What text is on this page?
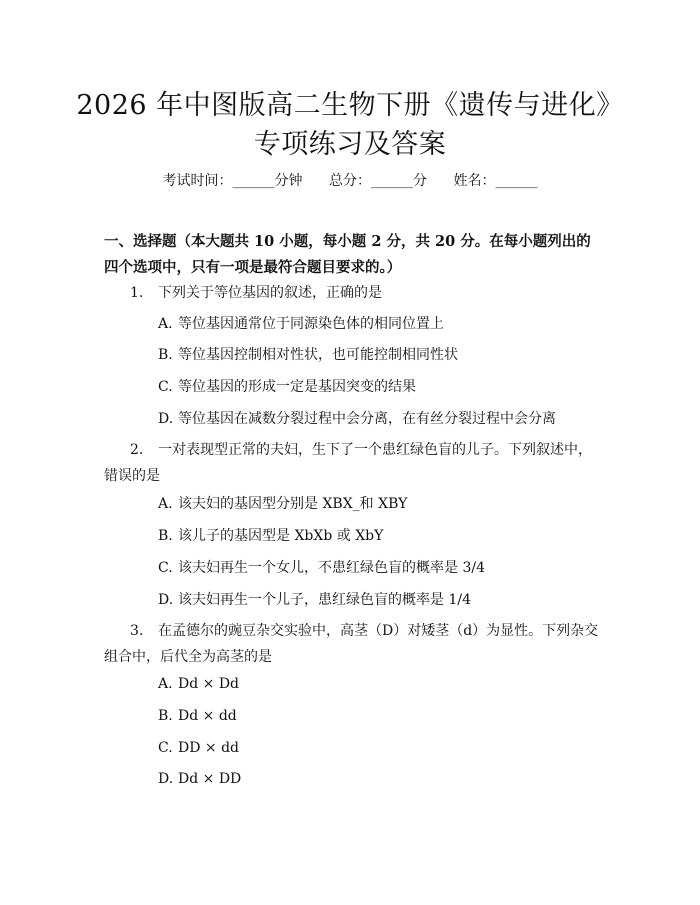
2026 年中图版高二生物下册《遗传与进化》
专项练习及答案
考试时间：______分钟 总分：______分 姓名：______
一、选择题（本大题共 10 小题，每小题 2 分，共 20 分。在每小题列出的四个选项中，只有一项是最符合题目要求的。）
1. 下列关于等位基因的叙述，正确的是
A. 等位基因通常位于同源染色体的相同位置上
B. 等位基因控制相对性状，也可能控制相同性状
C. 等位基因的形成一定是基因突变的结果
D. 等位基因在减数分裂过程中会分离，在有丝分裂过程中会分离
2. 一对表现型正常的夫妇，生下了一个患红绿色盲的儿子。下列叙述中，错误的是
A. 该夫妇的基因型分别是 XBX_和 XBY
B. 该儿子的基因型是 XbXb 或 XbY
C. 该夫妇再生一个女儿，不患红绿色盲的概率是 3/4
D. 该夫妇再生一个儿子，患红绿色盲的概率是 1/4
3. 在孟德尔的豌豆杂交实验中，高茎（D）对矮茎（d）为显性。下列杂交组合中，后代全为高茎的是
A. Dd × Dd
B. Dd × dd
C. DD × dd
D. Dd × DD
